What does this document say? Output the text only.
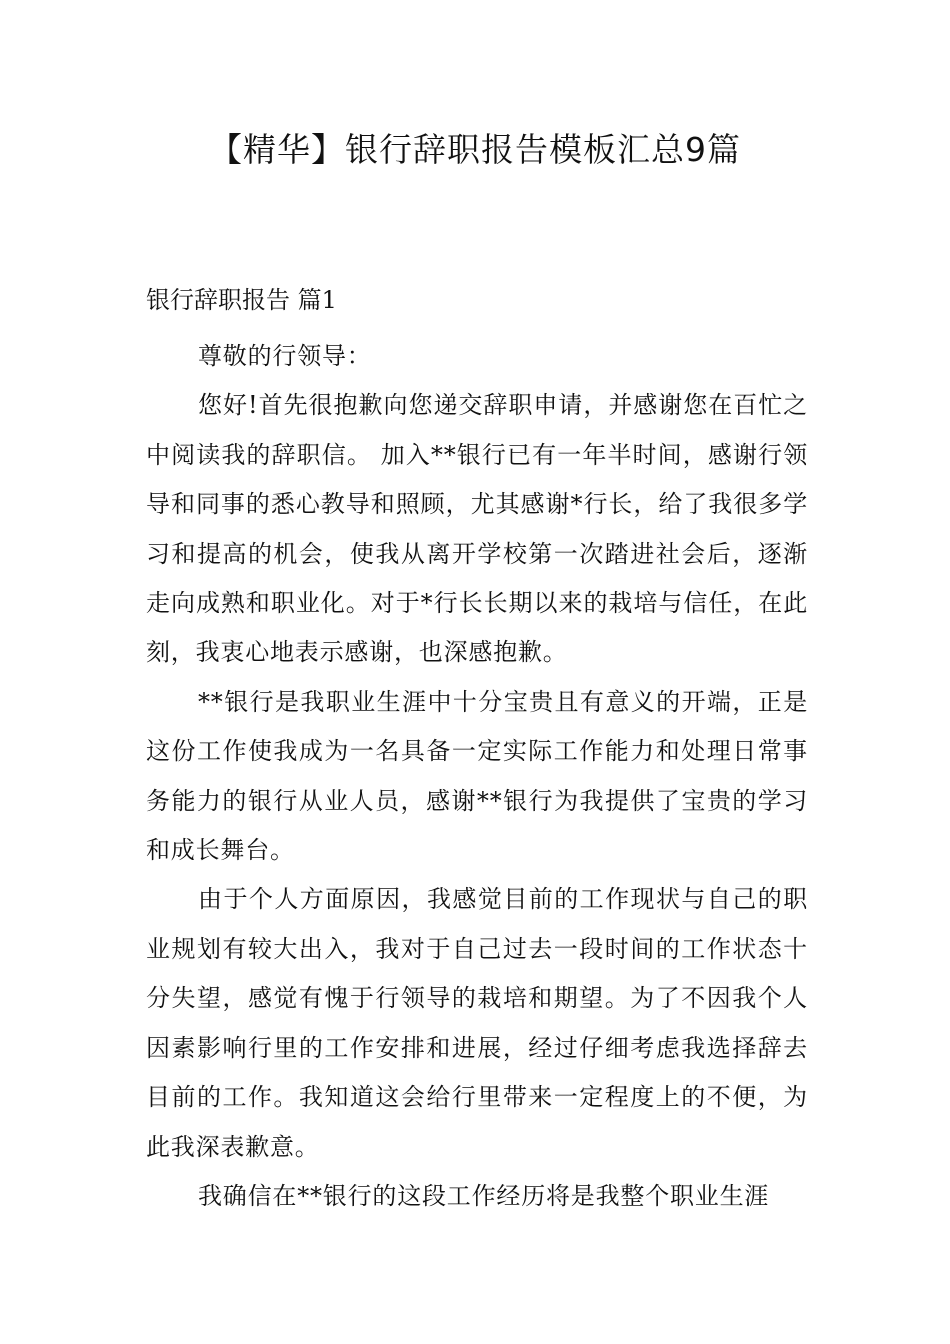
【精华】银行辞职报告模板汇总9篇
银行辞职报告 篇1

尊敬的行领导：

您好!首先很抱歉向您递交辞职申请，并感谢您在百忙之中阅读我的辞职信。 加入**银行已有一年半时间，感谢行领导和同事的悉心教导和照顾，尤其感谢*行长，给了我很多学习和提高的机会，使我从离开学校第一次踏进社会后，逐渐走向成熟和职业化。对于*行长长期以来的栽培与信任，在此刻，我衷心地表示感谢，也深感抱歉。

**银行是我职业生涯中十分宝贵且有意义的开端，正是这份工作使我成为一名具备一定实际工作能力和处理日常事务能力的银行从业人员，感谢**银行为我提供了宝贵的学习和成长舞台。

由于个人方面原因，我感觉目前的工作现状与自己的职业规划有较大出入，我对于自己过去一段时间的工作状态十分失望，感觉有愧于行领导的栽培和期望。为了不因我个人因素影响行里的工作安排和进展，经过仔细考虑我选择辞去目前的工作。我知道这会给行里带来一定程度上的不便，为此我深表歉意。

我确信在**银行的这段工作经历将是我整个职业生涯
